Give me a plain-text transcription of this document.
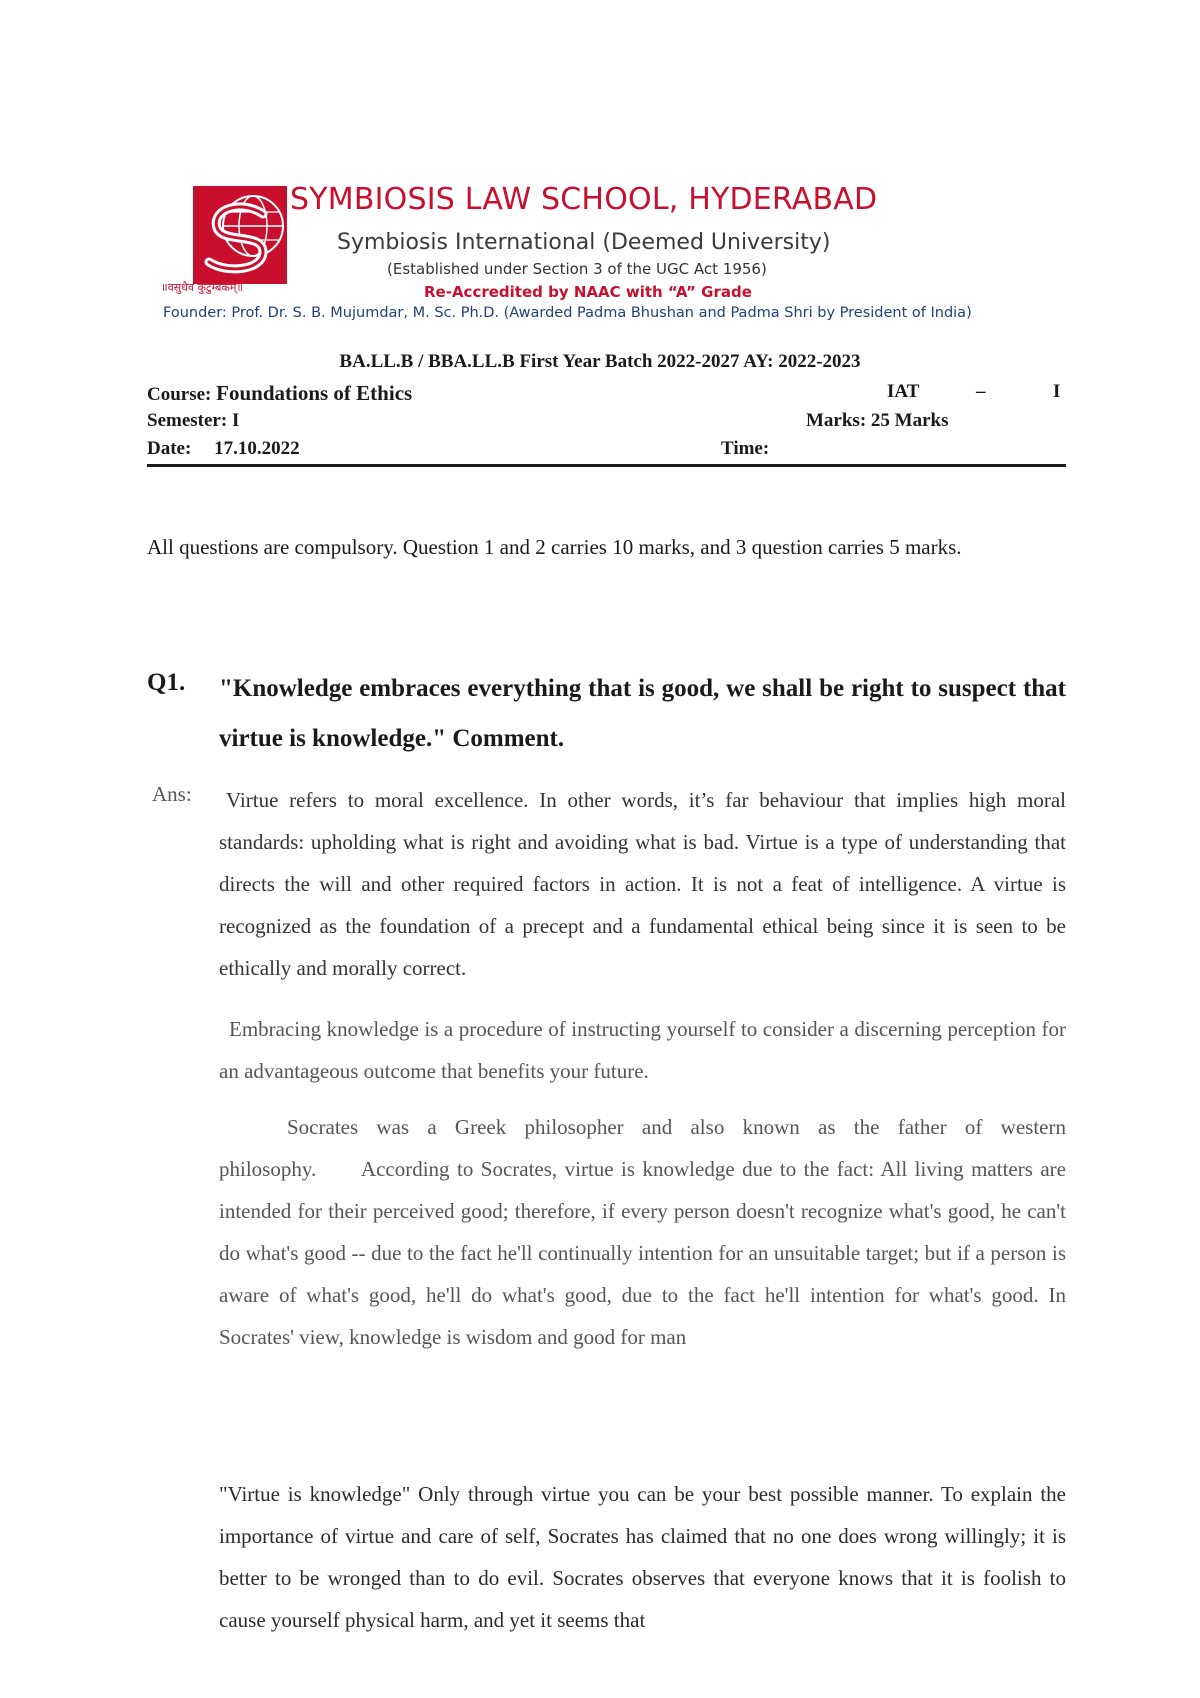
॥वसुधैव कुटुम्बकम्॥
SYMBIOSIS LAW SCHOOL, HYDERABAD
Symbiosis International (Deemed University)
(Established under Section 3 of the UGC Act 1956)
Re-Accredited by NAAC with “A” Grade
Founder: Prof. Dr. S. B. Mujumdar, M. Sc. Ph.D. (Awarded Padma Bhushan and Padma Shri by President of India)
BA.LL.B / BBA.LL.B First Year Batch 2022-2027 AY: 2022-2023
Course: Foundations of Ethics	IAT	–	I
Semester: I	Marks: 25 Marks
Date: 17.10.2022	Time:
All questions are compulsory. Question 1 and 2 carries 10 marks, and 3 question carries 5 marks.
Q1. "Knowledge embraces everything that is good, we shall be right to suspect that virtue is knowledge." Comment.
Ans:	Virtue refers to moral excellence. In other words, it’s far behaviour that implies high moral standards: upholding what is right and avoiding what is bad. Virtue is a type of understanding that directs the will and other required factors in action. It is not a feat of intelligence. A virtue is recognized as the foundation of a precept and a fundamental ethical being since it is seen to be ethically and morally correct.
Embracing knowledge is a procedure of instructing yourself to consider a discerning perception for an advantageous outcome that benefits your future.
Socrates was a Greek philosopher and also known as the father of western philosophy.      According to Socrates, virtue is knowledge due to the fact: All living matters are intended for their perceived good; therefore, if every person doesn't recognize what's good, he can't do what's good -- due to the fact he'll continually intention for an unsuitable target; but if a person is aware of what's good, he'll do what's good, due to the fact he'll intention for what's good. In Socrates' view, knowledge is wisdom and good for man
"Virtue is knowledge" Only through virtue you can be your best possible manner. To explain the importance of virtue and care of self, Socrates has claimed that no one does wrong willingly; it is better to be wronged than to do evil. Socrates observes that everyone knows that it is foolish to cause yourself physical harm, and yet it seems that
